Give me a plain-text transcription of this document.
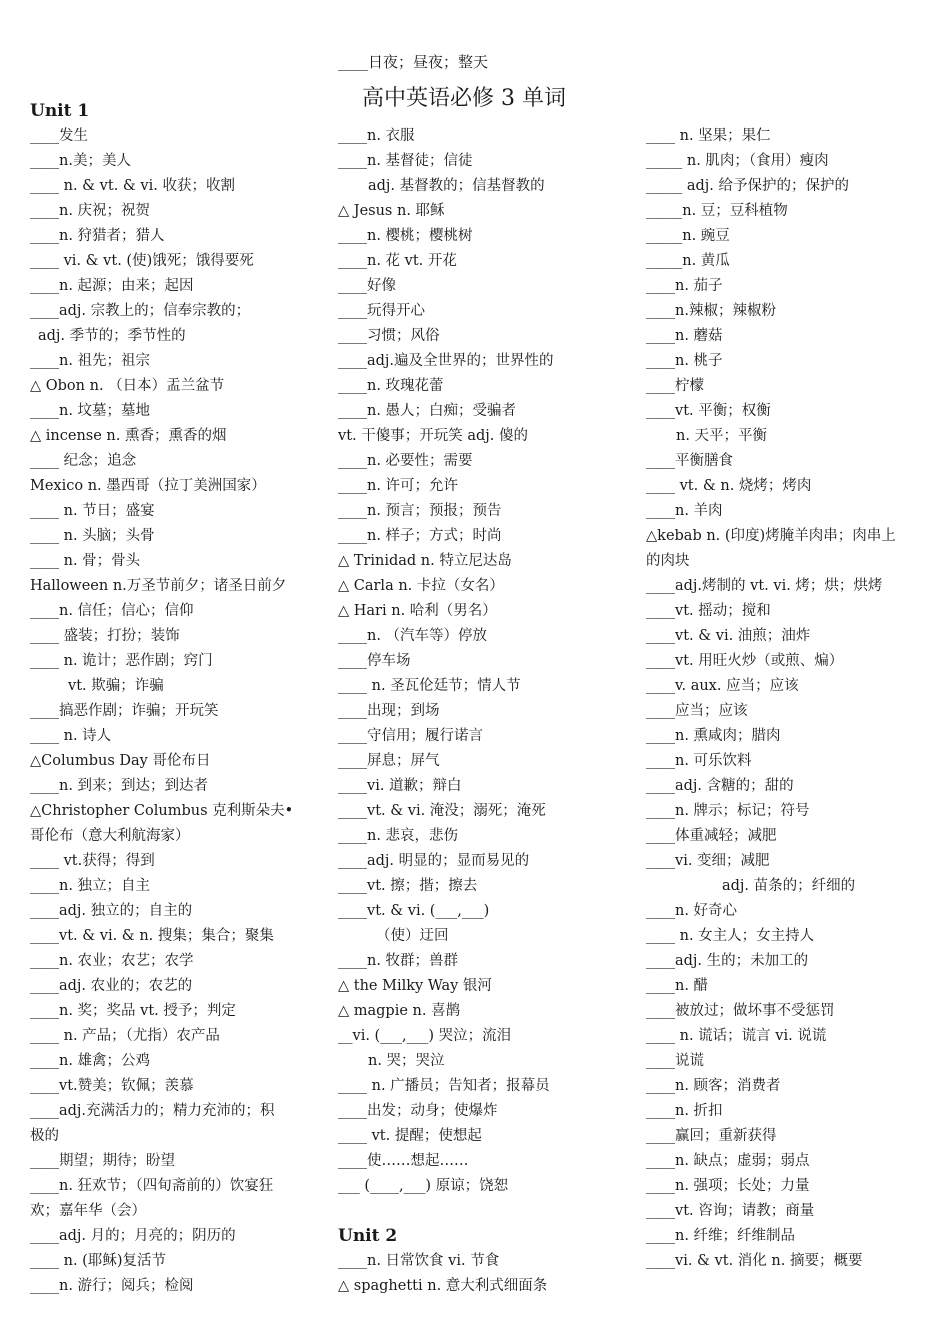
____日夜；昼夜；整天
高中英语必修 3 单词
Unit 1
____发生
____n.美；美人
____ n. & vt. & vi. 收获；收割
____n. 庆祝；祝贺
____n. 狩猎者；猎人
____ vi. & vt. (使)饿死；饿得要死
____n. 起源；由来；起因
____adj. 宗教上的；信奉宗教的；
adj. 季节的；季节性的
____n. 祖先；祖宗
△ Obon n. （日本）盂兰盆节
____n. 坟墓；墓地
△ incense n. 熏香；熏香的烟
____ 纪念；追念
Mexico n. 墨西哥（拉丁美洲国家）
____ n. 节日；盛宴
____ n. 头脑；头骨
____ n. 骨；骨头
Halloween n.万圣节前夕；诸圣日前夕
____n. 信任；信心；信仰
____ 盛装；打扮；装饰
____ n. 诡计；恶作剧；窍门
vt. 欺骗；诈骗
____搞恶作剧；诈骗；开玩笑
____ n. 诗人
△Columbus Day 哥伦布日
____n. 到来；到达；到达者
△Christopher Columbus 克利斯朵夫•
哥伦布（意大利航海家）
____ vt.获得；得到
____n. 独立；自主
____adj. 独立的；自主的
____vt. & vi. & n. 搜集；集合；聚集
____n. 农业；农艺；农学
____adj. 农业的；农艺的
____n. 奖；奖品 vt. 授予；判定
____ n. 产品；（尤指）农产品
____n. 雄禽；公鸡
____vt.赞美；钦佩；羡慕
____adj.充满活力的；精力充沛的；积
极的
____期望；期待；盼望
____n. 狂欢节；（四旬斋前的）饮宴狂
欢；嘉年华（会）
____adj. 月的；月亮的；阴历的
____ n. (耶稣)复活节
____n. 游行；阅兵；检阅
____n. 衣服
____n. 基督徒；信徒
adj. 基督教的；信基督教的
△ Jesus n. 耶稣
____n. 樱桃；樱桃树
____n. 花 vt. 开花
____好像
____玩得开心
____习惯；风俗
____adj.遍及全世界的；世界性的
____n. 玫瑰花蕾
____n. 愚人；白痴；受骗者
vt. 干傻事；开玩笑 adj. 傻的
____n. 必要性；需要
____n. 许可；允许
____n. 预言；预报；预告
____n. 样子；方式；时尚
△ Trinidad n. 特立尼达岛
△ Carla n. 卡拉（女名）
△ Hari n. 哈利（男名）
____n. （汽车等）停放
____停车场
____ n. 圣瓦伦廷节；情人节
____出现；到场
____守信用；履行诺言
____屏息；屏气
____vi. 道歉；辩白
____vt. & vi. 淹没；溺死；淹死
____n. 悲哀，悲伤
____adj. 明显的；显而易见的
____vt. 擦；揩；擦去
____vt. & vi. (___,___)
（使）迂回
____n. 牧群；兽群
△ the Milky Way 银河
△ magpie n. 喜鹊
__vi. (___,___) 哭泣；流泪
n. 哭；哭泣
____ n. 广播员；告知者；报幕员
____出发；动身；使爆炸
____ vt. 提醒；使想起
____使……想起……
___ (____,___) 原谅；饶恕
Unit 2
____n. 日常饮食 vi. 节食
△ spaghetti n. 意大利式细面条
____ n. 坚果；果仁
_____ n. 肌肉；（食用）瘦肉
_____ adj. 给予保护的；保护的
_____n. 豆；豆科植物
_____n. 豌豆
_____n. 黄瓜
____n. 茄子
____n.辣椒；辣椒粉
____n. 蘑菇
____n. 桃子
____柠檬
____vt. 平衡；权衡
n. 天平；平衡
____平衡膳食
____ vt. & n. 烧烤；烤肉
____n. 羊肉
△kebab n. (印度)烤腌羊肉串；肉串上
的肉块
____adj.烤制的 vt. vi. 烤；烘；烘烤
____vt. 摇动；搅和
____vt. & vi. 油煎；油炸
____vt. 用旺火炒（或煎、煸）
____v. aux. 应当；应该
____应当；应该
____n. 熏咸肉；腊肉
____n. 可乐饮料
____adj. 含糖的；甜的
____n. 牌示；标记；符号
____体重减轻；减肥
____vi. 变细；减肥
adj. 苗条的；纤细的
____n. 好奇心
____ n. 女主人；女主持人
____adj. 生的；未加工的
____n. 醋
____被放过；做坏事不受惩罚
____ n. 谎话；谎言 vi. 说谎
____说谎
____n. 顾客；消费者
____n. 折扣
____赢回；重新获得
____n. 缺点；虚弱；弱点
____n. 强项；长处；力量
____vt. 咨询；请教；商量
____n. 纤维；纤维制品
____vi. & vt. 消化 n. 摘要；概要
